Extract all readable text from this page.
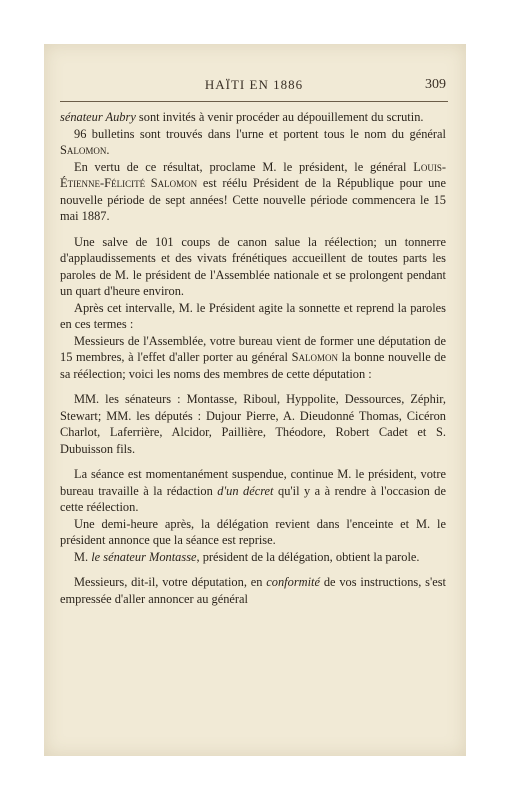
HAÏTI EN 1886	309

sénateur Aubry sont invités à venir procéder au dépouillement du scrutin.

96 bulletins sont trouvés dans l'urne et portent tous le nom du général Salomon.

En vertu de ce résultat, proclame M. le président, le général Louis-Étienne-Félicité Salomon est réélu Président de la République pour une nouvelle période de sept années! Cette nouvelle période commencera le 15 mai 1887.

Une salve de 101 coups de canon salue la réélection; un tonnerre d'applaudissements et des vivats frénétiques accueillent de toutes parts les paroles de M. le président de l'Assemblée nationale et se prolongent pendant un quart d'heure environ.

Après cet intervalle, M. le Président agite la sonnette et reprend la paroles en ces termes :

Messieurs de l'Assemblée, votre bureau vient de former une députation de 15 membres, à l'effet d'aller porter au général Salomon la bonne nouvelle de sa réélection; voici les noms des membres de cette députation :

MM. les sénateurs : Montasse, Riboul, Hyppolite, Dessources, Zéphir, Stewart; MM. les députés : Dujour Pierre, A. Dieudonné Thomas, Cicéron Charlot, Laferrière, Alcidor, Paillière, Théodore, Robert Cadet et S. Dubuisson fils.

La séance est momentanément suspendue, continue M. le président, votre bureau travaille à la rédaction d'un décret qu'il y a à rendre à l'occasion de cette réélection.

Une demi-heure après, la délégation revient dans l'enceinte et M. le président annonce que la séance est reprise.

M. le sénateur Montasse, président de la délégation, obtient la parole.

Messieurs, dit-il, votre députation, en conformité de vos instructions, s'est empressée d'aller annoncer au général
